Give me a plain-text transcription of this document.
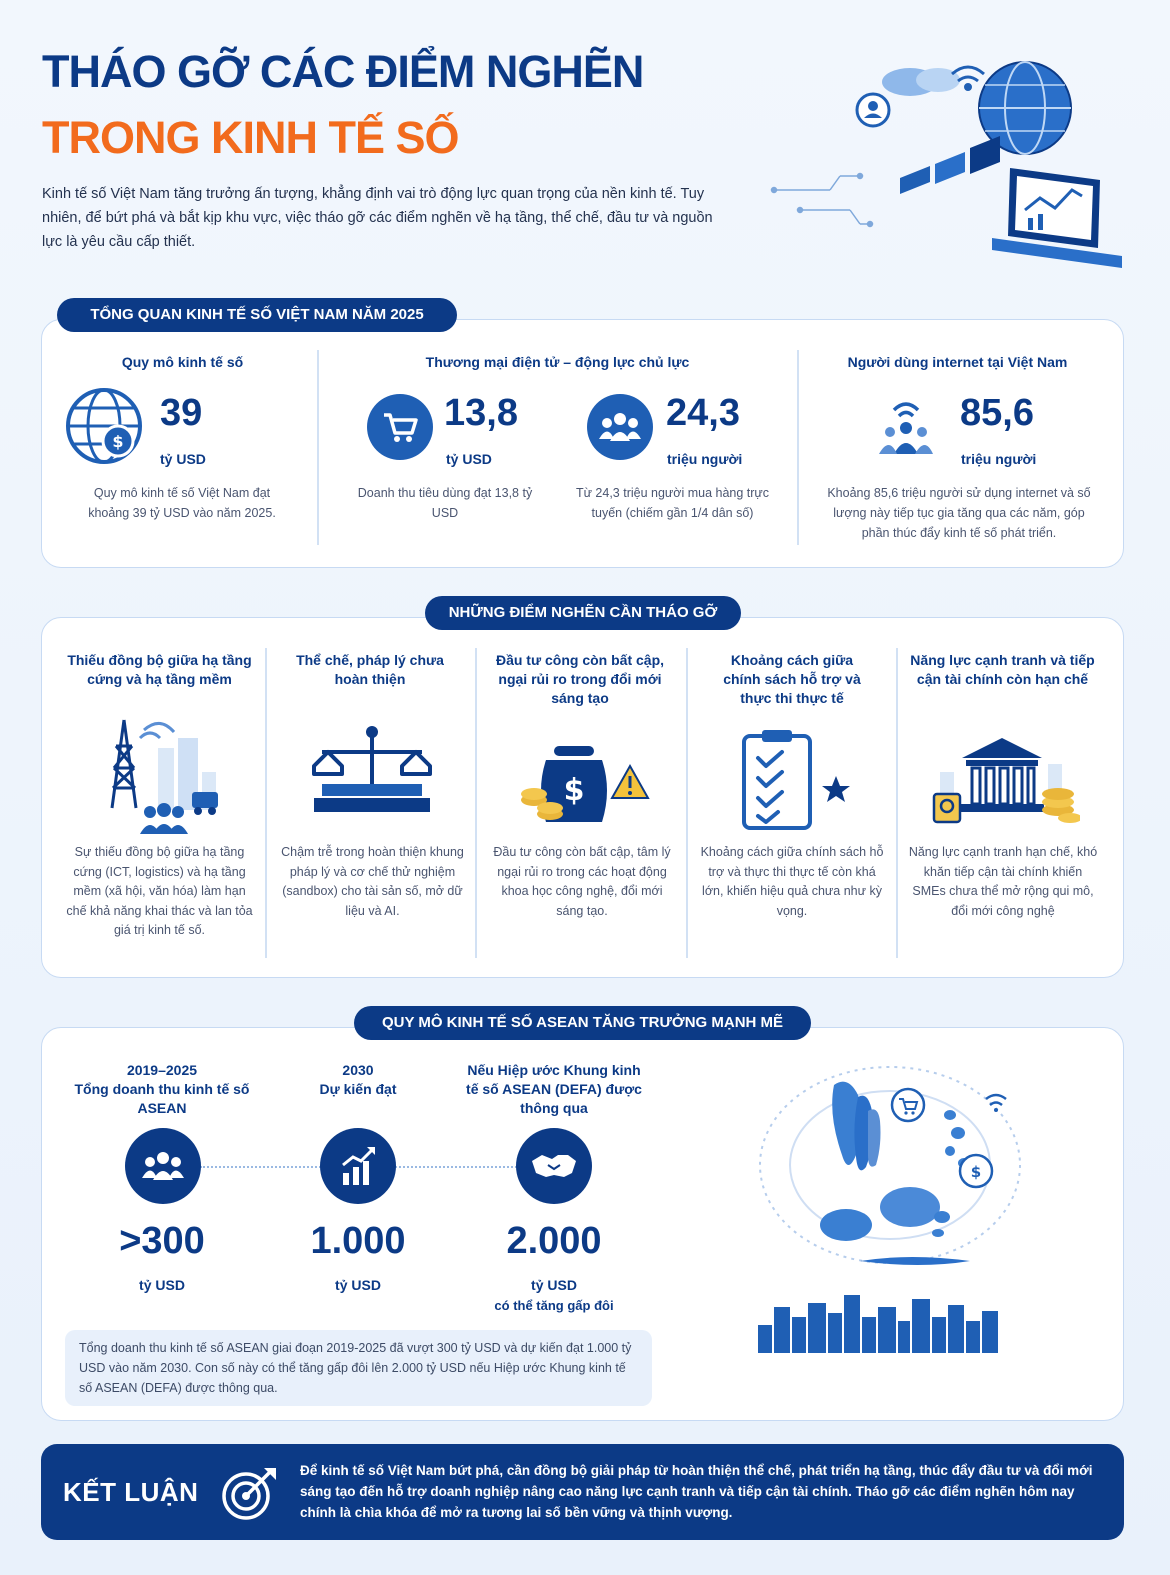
THÁO GỠ CÁC ĐIỂM NGHẼN
TRONG KINH TẾ SỐ
Kinh tế số Việt Nam tăng trưởng ấn tượng, khẳng định vai trò động lực quan trọng của nền kinh tế. Tuy nhiên, để bứt phá và bắt kịp khu vực, việc tháo gỡ các điểm nghẽn về hạ tầng, thể chế, đầu tư và nguồn lực là yêu cầu cấp thiết.
TỔNG QUAN KINH TẾ SỐ VIỆT NAM NĂM 2025
Quy mô kinh tế số
$
39
tỷ USD
Quy mô kinh tế số Việt Nam đạt khoảng 39 tỷ USD vào năm 2025.
Thương mại điện tử – động lực chủ lực
13,8
tỷ USD
Doanh thu tiêu dùng đạt 13,8 tỷ USD
24,3
triệu người
Từ 24,3 triệu người mua hàng trực tuyến (chiếm gần 1/4 dân số)
Người dùng internet tại Việt Nam
85,6
triệu người
Khoảng 85,6 triệu người sử dụng internet và số lượng này tiếp tục gia tăng qua các năm, góp phần thúc đẩy kinh tế số phát triển.
NHỮNG ĐIỂM NGHẼN CẦN THÁO GỠ
Thiếu đồng bộ giữa hạ tầng cứng và hạ tầng mềm
Sự thiếu đồng bộ giữa hạ tầng cứng (ICT, logistics) và hạ tầng mềm (xã hội, văn hóa) làm hạn chế khả năng khai thác và lan tỏa giá trị kinh tế số.
Thể chế, pháp lý chưa hoàn thiện
Chậm trễ trong hoàn thiện khung pháp lý và cơ chế thử nghiệm (sandbox) cho tài sản số, mở dữ liệu và AI.
Đầu tư công còn bất cập, ngại rủi ro trong đổi mới sáng tạo
$
Đầu tư công còn bất cập, tâm lý ngại rủi ro trong các hoạt động khoa học công nghệ, đổi mới sáng tạo.
Khoảng cách giữa chính sách hỗ trợ và thực thi thực tế
Khoảng cách giữa chính sách hỗ trợ và thực thi thực tế còn khá lớn, khiến hiệu quả chưa như kỳ vọng.
Năng lực cạnh tranh và tiếp cận tài chính còn hạn chế
Năng lực cạnh tranh hạn chế, khó khăn tiếp cận tài chính khiến SMEs chưa thể mở rộng qui mô, đổi mới công nghệ
QUY MÔ KINH TẾ SỐ ASEAN TĂNG TRƯỞNG MẠNH MẼ
2019–2025
Tổng doanh thu kinh tế số ASEAN
>300
tỷ USD
2030
Dự kiến đạt
1.000
tỷ USD
Nếu Hiệp ước Khung kinh tế số ASEAN (DEFA) được thông qua
2.000
tỷ USD
có thể tăng gấp đôi
Tổng doanh thu kinh tế số ASEAN giai đoạn 2019-2025 đã vượt 300 tỷ USD và dự kiến đạt 1.000 tỷ USD vào năm 2030. Con số này có thể tăng gấp đôi lên 2.000 tỷ USD nếu Hiệp ước Khung kinh tế số ASEAN (DEFA) được thông qua.
$
KẾT LUẬN
Để kinh tế số Việt Nam bứt phá, cần đồng bộ giải pháp từ hoàn thiện thể chế, phát triển hạ tầng, thúc đẩy đầu tư và đổi mới sáng tạo đến hỗ trợ doanh nghiệp nâng cao năng lực cạnh tranh và tiếp cận tài chính. Tháo gỡ các điểm nghẽn hôm nay chính là chìa khóa để mở ra tương lai số bền vững và thịnh vượng.
